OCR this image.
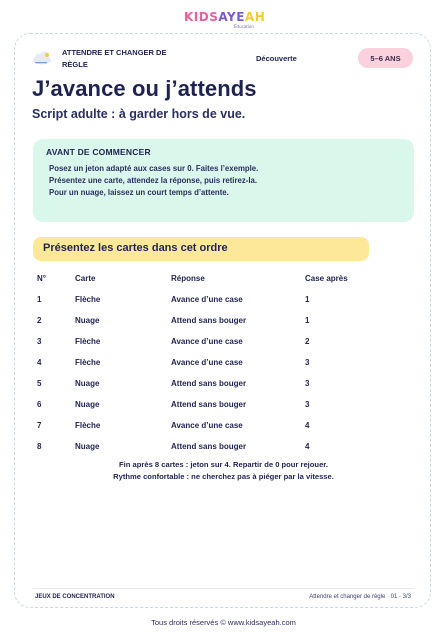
KIDSAYEAH
Éducation
ATTENDRE ET CHANGER DE RÈGLE
Découverte	5–6 ANS
J’avance ou j’attends
Script adulte : à garder hors de vue.
AVANT DE COMMENCER
Posez un jeton adapté aux cases sur 0. Faites l’exemple.
Présentez une carte, attendez la réponse, puis retirez-la.
Pour un nuage, laissez un court temps d’attente.
Présentez les cartes dans cet ordre
N°	Carte	Réponse	Case après
1	Flèche	Avance d’une case	1
2	Nuage	Attend sans bouger	1
3	Flèche	Avance d’une case	2
4	Flèche	Avance d’une case	3
5	Nuage	Attend sans bouger	3
6	Nuage	Attend sans bouger	3
7	Flèche	Avance d’une case	4
8	Nuage	Attend sans bouger	4
Fin après 8 cartes : jeton sur 4. Repartir de 0 pour rejouer.
Rythme confortable : ne cherchez pas à piéger par la vitesse.
JEUX DE CONCENTRATION	Attendre et changer de règle · 01 · 3/3
Tous droits réservés © www.kidsayeah.com
